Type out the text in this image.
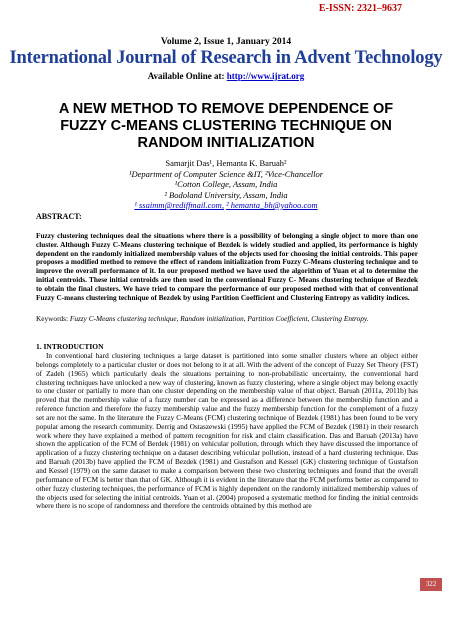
E-ISSN: 2321–9637
Volume 2, Issue 1, January 2014
International Journal of Research in Advent Technology
Available Online at: http://www.ijrat.org
A NEW METHOD TO REMOVE DEPENDENCE OF FUZZY C-MEANS CLUSTERING TECHNIQUE ON RANDOM INITIALIZATION
Samarjit Das¹, Hemanta K. Baruah²
¹Department of Computer Science &IT, ²Vice-Chancellor
¹Cotton College, Assam, India
² Bodoland University, Assam, India
¹ ssaimm@rediffmail.com, ² hemanta_bh@yahoo.com
ABSTRACT:
Fuzzy clustering techniques deal the situations where there is a possibility of belonging a single object to more than one cluster. Although Fuzzy C-Means clustering technique of Bezdek is widely studied and applied, its performance is highly dependent on the randomly initialized membership values of the objects used for choosing the initial centroids. This paper proposes a modified method to remove the effect of random initialization from Fuzzy C-Means clustering technique and to improve the overall performance of it. In our proposed method we have used the algorithm of Yuan et al to determine the initial centroids. These initial centroids are then used in the conventional Fuzzy C- Means clustering technique of Bezdek to obtain the final clusters. We have tried to compare the performance of our proposed method with that of conventional Fuzzy C-means clustering technique of Bezdek by using Partition Coefficient and Clustering Entropy as validity indices.
Keywords: Fuzzy C-Means clustering technique, Random initialization, Partition Coefficient, Clustering Entropy.
1. INTRODUCTION
In conventional hard clustering techniques a large dataset is partitioned into some smaller clusters where an object either belongs completely to a particular cluster or does not belong to it at all. With the advent of the concept of Fuzzy Set Theory (FST) of Zadeh (1965) which particularly deals the situations pertaining to non-probabilistic uncertainty, the conventional hard clustering techniques have unlocked a new way of clustering, known as fuzzy clustering, where a single object may belong exactly to one cluster or partially to more than one cluster depending on the membership value of that object. Baruah (2011a, 2011b) has proved that the membership value of a fuzzy number can be expressed as a difference between the membership function and a reference function and therefore the fuzzy membership value and the fuzzy membership function for the complement of a fuzzy set are not the same. In the literature the Fuzzy C-Means (FCM) clustering technique of Bezdek (1981) has been found to be very popular among the research community. Derrig and Ostaszewski (1995) have applied the FCM of Bezdek (1981) in their research work where they have explained a method of pattern recognition for risk and claim classification. Das and Baruah (2013a) have shown the application of the FCM of Berdek (1981) on vehicular pollution, through which they have discussed the importance of application of a fuzzy clustering technique on a dataset describing vehicular pollution, instead of a hard clustering technique. Das and Baruah (2013b) have applied the FCM of Bezdek (1981) and Gustafson and Kessel (GK) clustering technique of Gustafson and Kessel (1979) on the same dataset to make a comparison between these two clustering techniques and found that the overall performance of FCM is better than that of GK. Although it is evident in the literature that the FCM performs better as compared to other fuzzy clustering techniques, the performance of FCM is highly dependent on the randomly initialized membership values of the objects used for selecting the initial centroids. Yuan et al. (2004) proposed a systematic method for finding the initial centroids where there is no scope of randomness and therefore the centroids obtained by this method are
322
